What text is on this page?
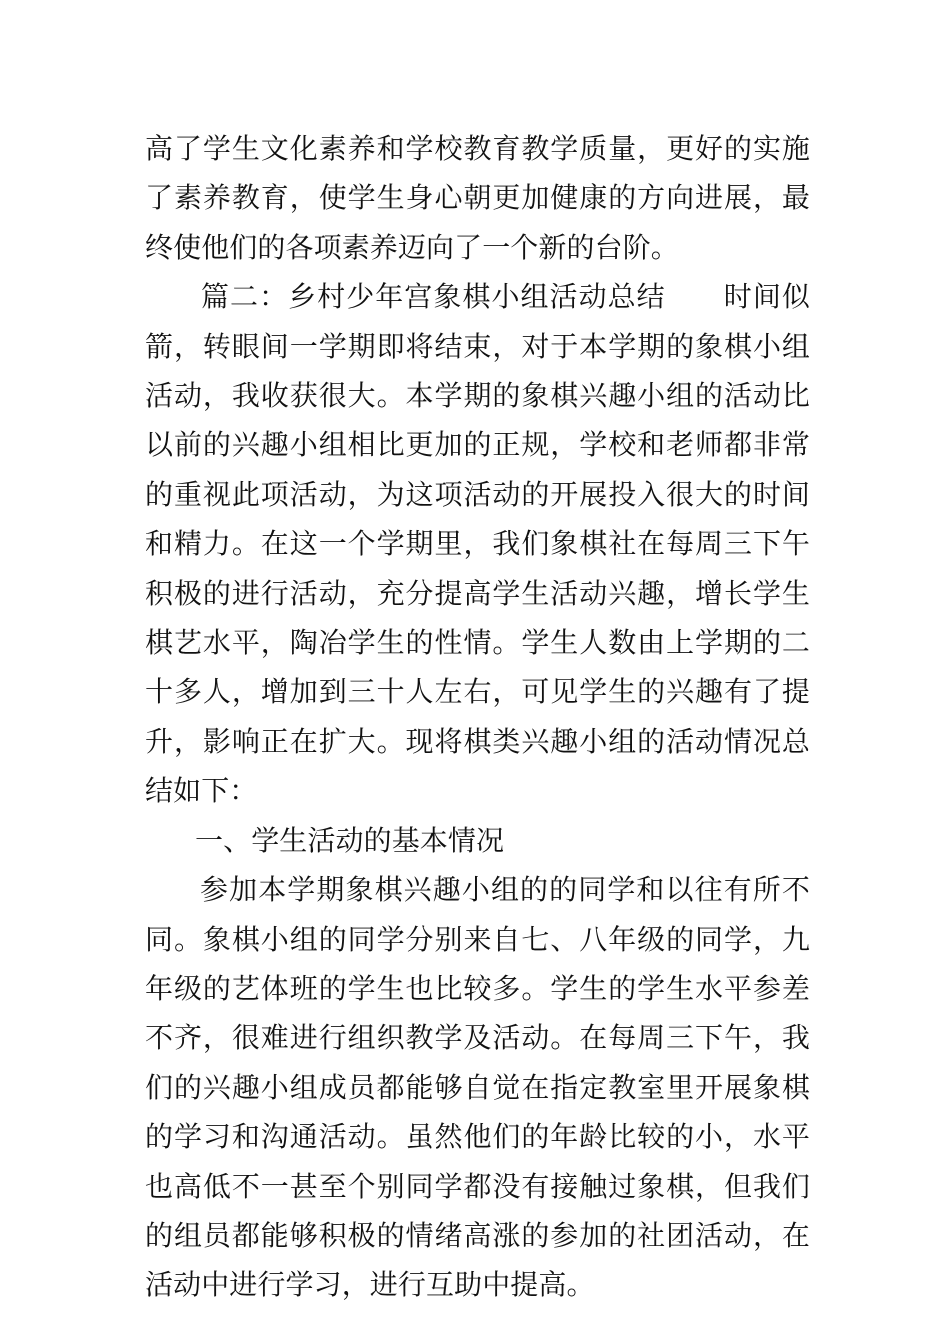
高了学生文化素养和学校教育教学质量，更好的实施了素养教育，使学生身心朝更加健康的方向进展，最终使他们的各项素养迈向了一个新的台阶。

篇二：乡村少年宫象棋小组活动总结　　时间似箭，转眼间一学期即将结束，对于本学期的象棋小组活动，我收获很大。本学期的象棋兴趣小组的活动比以前的兴趣小组相比更加的正规，学校和老师都非常的重视此项活动，为这项活动的开展投入很大的时间和精力。在这一个学期里，我们象棋社在每周三下午积极的进行活动，充分提高学生活动兴趣，增长学生棋艺水平，陶冶学生的性情。学生人数由上学期的二十多人，增加到三十人左右，可见学生的兴趣有了提升，影响正在扩大。现将棋类兴趣小组的活动情况总结如下：

一、学生活动的基本情况

参加本学期象棋兴趣小组的的同学和以往有所不同。象棋小组的同学分别来自七、八年级的同学，九年级的艺体班的学生也比较多。学生的学生水平参差不齐，很难进行组织教学及活动。在每周三下午，我们的兴趣小组成员都能够自觉在指定教室里开展象棋的学习和沟通活动。虽然他们的年龄比较的小，水平也高低不一甚至个别同学都没有接触过象棋，但我们的组员都能够积极的情绪高涨的参加的社团活动，在活动中进行学习，进行互助中提高。
